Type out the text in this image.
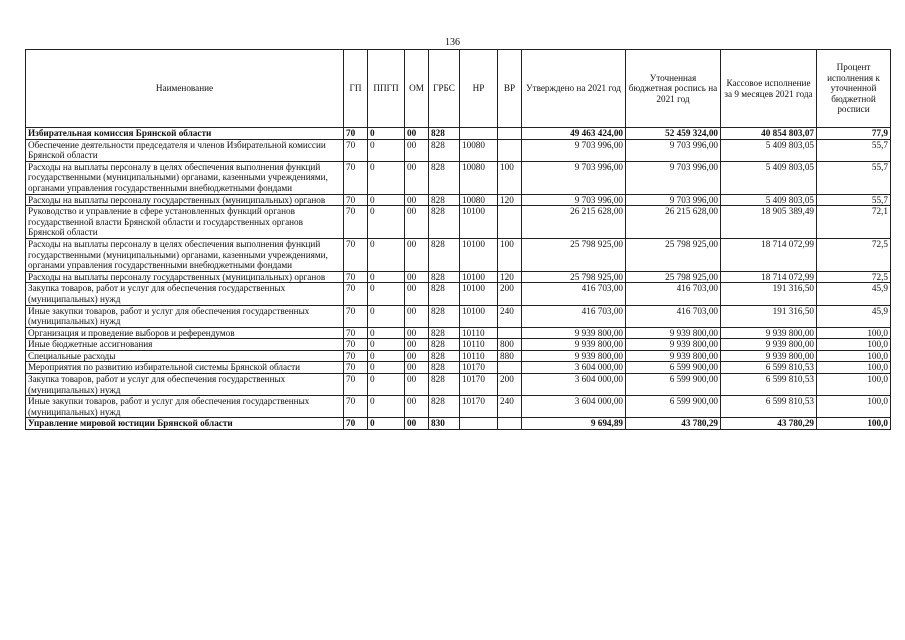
136
Наименование	ГП	ППГП	ОМ	ГРБС	НР	ВР	Утверждено на 2021 год	Уточненная бюджетная роспись на 2021 год	Кассовое исполнение за 9 месяцев 2021 года	Процент исполнения к уточненной бюджетной росписи
Избирательная комиссия Брянской области	70	0	00	828			49 463 424,00	52 459 324,00	40 854 803,07	77,9
Обеспечение деятельности председателя и членов Избирательной комиссии Брянской области	70	0	00	828	10080		9 703 996,00	9 703 996,00	5 409 803,05	55,7
Расходы на выплаты персоналу в целях обеспечения выполнения функций государственными (муниципальными) органами, казенными учреждениями, органами управления государственными внебюджетными фондами	70	0	00	828	10080	100	9 703 996,00	9 703 996,00	5 409 803,05	55,7
Расходы на выплаты персоналу государственных (муниципальных) органов	70	0	00	828	10080	120	9 703 996,00	9 703 996,00	5 409 803,05	55,7
Руководство и управление в сфере установленных функций органов государственной власти Брянской области и государственных органов Брянской области	70	0	00	828	10100		26 215 628,00	26 215 628,00	18 905 389,49	72,1
Расходы на выплаты персоналу в целях обеспечения выполнения функций государственными (муниципальными) органами, казенными учреждениями, органами управления государственными внебюджетными фондами	70	0	00	828	10100	100	25 798 925,00	25 798 925,00	18 714 072,99	72,5
Расходы на выплаты персоналу государственных (муниципальных) органов	70	0	00	828	10100	120	25 798 925,00	25 798 925,00	18 714 072,99	72,5
Закупка товаров, работ и услуг для обеспечения государственных (муниципальных) нужд	70	0	00	828	10100	200	416 703,00	416 703,00	191 316,50	45,9
Иные закупки товаров, работ и услуг для обеспечения государственных (муниципальных) нужд	70	0	00	828	10100	240	416 703,00	416 703,00	191 316,50	45,9
Организация и проведение выборов и референдумов	70	0	00	828	10110		9 939 800,00	9 939 800,00	9 939 800,00	100,0
Иные бюджетные ассигнования	70	0	00	828	10110	800	9 939 800,00	9 939 800,00	9 939 800,00	100,0
Специальные расходы	70	0	00	828	10110	880	9 939 800,00	9 939 800,00	9 939 800,00	100,0
Мероприятия по развитию избирательной системы Брянской области	70	0	00	828	10170		3 604 000,00	6 599 900,00	6 599 810,53	100,0
Закупка товаров, работ и услуг для обеспечения государственных (муниципальных) нужд	70	0	00	828	10170	200	3 604 000,00	6 599 900,00	6 599 810,53	100,0
Иные закупки товаров, работ и услуг для обеспечения государственных (муниципальных) нужд	70	0	00	828	10170	240	3 604 000,00	6 599 900,00	6 599 810,53	100,0
Управление мировой юстиции Брянской области	70	0	00	830			9 694,89	43 780,29	43 780,29	100,0
